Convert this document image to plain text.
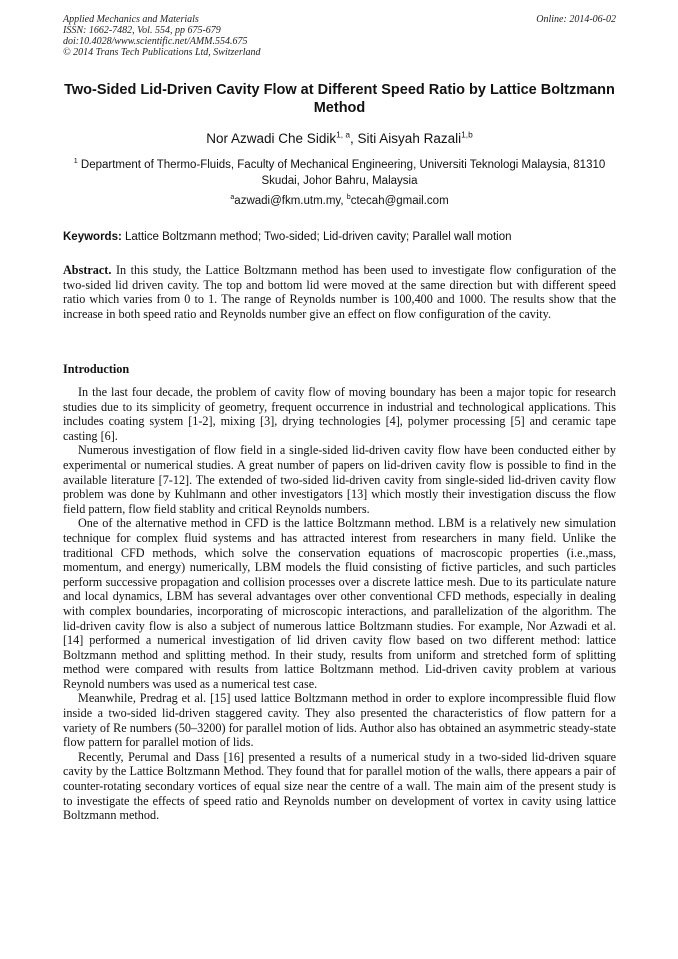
Applied Mechanics and Materials
ISSN: 1662-7482, Vol. 554, pp 675-679
doi:10.4028/www.scientific.net/AMM.554.675
© 2014 Trans Tech Publications Ltd, Switzerland
Online: 2014-06-02
Two-Sided Lid-Driven Cavity Flow at Different Speed Ratio by Lattice Boltzmann Method
Nor Azwadi Che Sidik$^{1, a}$, Siti Aisyah Razali$^{1,b}$
$^1$ Department of Thermo-Fluids, Faculty of Mechanical Engineering, Universiti Teknologi Malaysia, 81310 Skudai, Johor Bahru, Malaysia
$^a$azwadi@fkm.utm.my, $^b$ctecah@gmail.com
Keywords: Lattice Boltzmann method; Two-sided; Lid-driven cavity; Parallel wall motion

Abstract. In this study, the Lattice Boltzmann method has been used to investigate flow configuration of the two-sided lid driven cavity. The top and bottom lid were moved at the same direction but with different speed ratio which varies from 0 to 1. The range of Reynolds number is 100,400 and 1000. The results show that the increase in both speed ratio and Reynolds number give an effect on flow configuration of the cavity.

Introduction

In the last four decade, the problem of cavity flow of moving boundary has been a major topic for research studies due to its simplicity of geometry, frequent occurrence in industrial and technological applications. This includes coating system [1-2], mixing [3], drying technologies [4], polymer processing [5] and ceramic tape casting [6].

Numerous investigation of flow field in a single-sided lid-driven cavity flow have been conducted either by experimental or numerical studies. A great number of papers on lid-driven cavity flow is possible to find in the available literature [7-12]. The extended of two-sided lid-driven cavity from single-sided lid-driven cavity flow problem was done by Kuhlmann and other investigators [13] which mostly their investigation discuss the flow field pattern, flow field stablity and critical Reynolds numbers.

One of the alternative method in CFD is the lattice Boltzmann method. LBM is a relatively new simulation technique for complex fluid systems and has attracted interest from researchers in many field. Unlike the traditional CFD methods, which solve the conservation equations of macroscopic properties (i.e.,mass, momentum, and energy) numerically, LBM models the fluid consisting of fictive particles, and such particles perform successive propagation and collision processes over a discrete lattice mesh. Due to its particulate nature and local dynamics, LBM has several advantages over other conventional CFD methods, especially in dealing with complex boundaries, incorporating of microscopic interactions, and parallelization of the algorithm. The lid-driven cavity flow is also a subject of numerous lattice Boltzmann studies. For example, Nor Azwadi et al. [14] performed a numerical investigation of lid driven cavity flow based on two different method: lattice Boltzmann method and splitting method. In their study, results from uniform and stretched form of splitting method were compared with results from lattice Boltzmann method. Lid-driven cavity problem at various Reynold numbers was used as a numerical test case.

Meanwhile, Predrag et al. [15] used lattice Boltzmann method in order to explore incompressible fluid flow inside a two-sided lid-driven staggered cavity. They also presented the characteristics of flow pattern for a variety of Re numbers (50–3200) for parallel motion of lids. Author also has obtained an asymmetric steady-state flow pattern for parallel motion of lids.

Recently, Perumal and Dass [16] presented a results of a numerical study in a two-sided lid-driven square cavity by the Lattice Boltzmann Method. They found that for parallel motion of the walls, there appears a pair of counter-rotating secondary vortices of equal size near the centre of a wall. The main aim of the present study is to investigate the effects of speed ratio and Reynolds number on development of vortex in cavity using lattice Boltzmann method.
